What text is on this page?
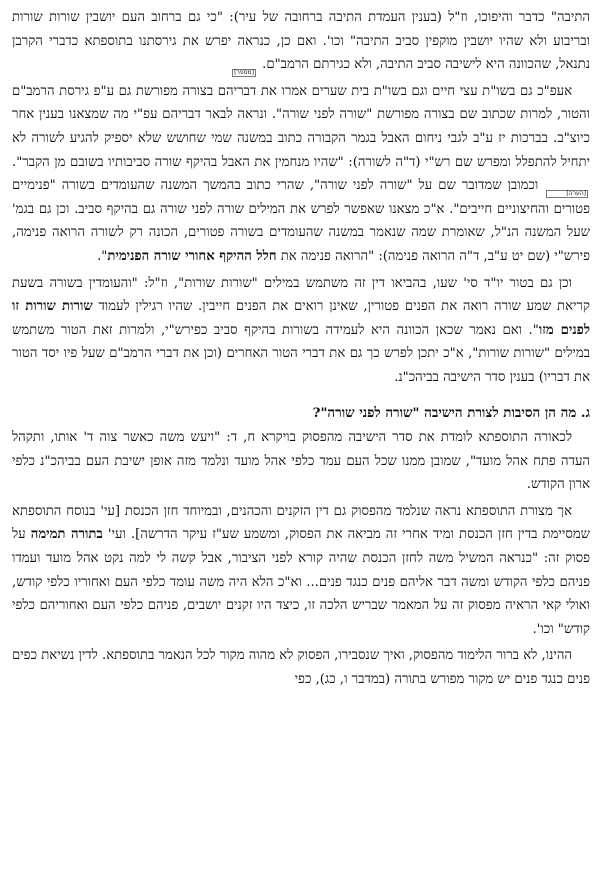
התיבה" כדבר והיפוכו, וז"ל (בענין העמדת התיבה ברחובה של עיר): "כי גם ברחוב העם יושבין שורות שורות ובריבוע ולא שהיו יושבין מוקפין סביב התיבה" וכו'. ואם כן, כנראה יפרש את גירסתנו בתוספתא כדברי הקרבן נתנאל, שהכוונה היא לישיבה סביב התיבה, ולא כגירתם הרמב"ם. [מספר]

אעפ"כ גם בשו"ת עצי חיים וגם בשו"ת בית שערים אמרו את דבריהם בצורה מפורשת גם ע"פ גירסת הרמב"ם והטור, למרות שכתוב שם בצורה מפורשת "שורה לפני שורה". ונראה לבאר דבריהם עפ"י מה שמצאנו בענין אחר כיוצ"ב. בברכות יז ע"ב לגבי ניחום האבל בגמר הקבורה כתוב במשנה שמי שחושש שלא יספיק להגיע לשורה לא יתחיל להתפלל ומפרש שם רש"י (ד"ה לשורה): "שהיו מנחמין את האבל בהיקף שורה סביבותיו בשובם מן הקבר". [הערה] וכמובן שמדובר שם על "שורה לפני שורה", שהרי כתוב בהמשך המשנה שהעומדים בשורה "פנימיים פטורים והחיצוניים חייבים". א"כ מצאנו שאפשר לפרש את המילים שורה לפני שורה גם בהיקף סביב. וכן גם בגמ' שעל המשנה הנ"ל, שאומרת שמה שנאמר במשנה שהעומדים בשורה פטורים, הכונה רק לשורה הרואה פנימה, פירש"י (שם יט ע"ב, ד"ה הרואה פנימה): "הרואה פנימה את חלל ההיקף אחורי שורה הפנימית".

וכן גם בטור יו"ד סי' שעו, בהביאו דין זה משתמש במילים "שורות שורות", וז"ל: "והעומדין בשורה בשעת קריאת שמע שורה רואה את הפנים פטורין, שאינן רואים את הפנים חייבין. שהיו רגילין לעמוד שורות שורות זו לפנים מזו". ואם נאמר שכאן הכוונה היא לעמידה בשורות בהיקף סביב כפירש"י, ולמרות זאת הטור משתמש במילים "שורות שורות", א"כ יתכן לפרש כך גם את דברי הטור האחרים (וכן את דברי הרמב"ם שעל פיו יסד הטור את דבריו) בענין סדר הישיבה בביהכ"נ.

ג. מה הן הסיבות לצורת הישיבה "שורה לפני שורה"?

לכאורה התוספתא לומדת את סדר הישיבה מהפסוק בויקרא ח, ד: "ויעש משה כאשר צוה ד' אותו, ותקהל העדה פתח אהל מועד", שמובן ממנו שכל העם עמד כלפי אהל מועד ונלמד מזה אופן ישיבת העם בביהכ"נ כלפי ארון הקודש.

אך מצורת התוספתא נראה שנלמד מהפסוק גם דין הזקנים והכהנים, ובמיוחד חזן הכנסת [עי' בנוסח התוספתא שמסיימת בדין חזן הכנסת ומיד אחרי זה מביאה את הפסוק, ומשמע שע"ז עיקר הדרשה]. ועי' בתורה תמימה על פסוק זה: "כנראה המשיל משה לחזן הכנסת שהיה קורא לפני הציבור, אבל קשה לי למה נקט אהל מועד ועמדו פניהם כלפי הקודש ומשה דבר אליהם פנים כנגד פנים... וא"כ הלא היה משה עומד כלפי העם ואחוריו כלפי קודש, ואולי קאי הראיה מפסוק זה על המאמר שבריש הלכה זו, כיצד היו זקנים יושבים, פניהם כלפי העם ואחוריהם כלפי קודש" וכו'.

ההינו, לא ברור הלימוד מהפסוק, ואיך שנסבירו, הפסוק לא מהוה מקור לכל הנאמר בתוספתא. לדין נשיאת כפים פנים כנגד פנים יש מקור מפורש בתורה (במדבר ו, כג), כפי
